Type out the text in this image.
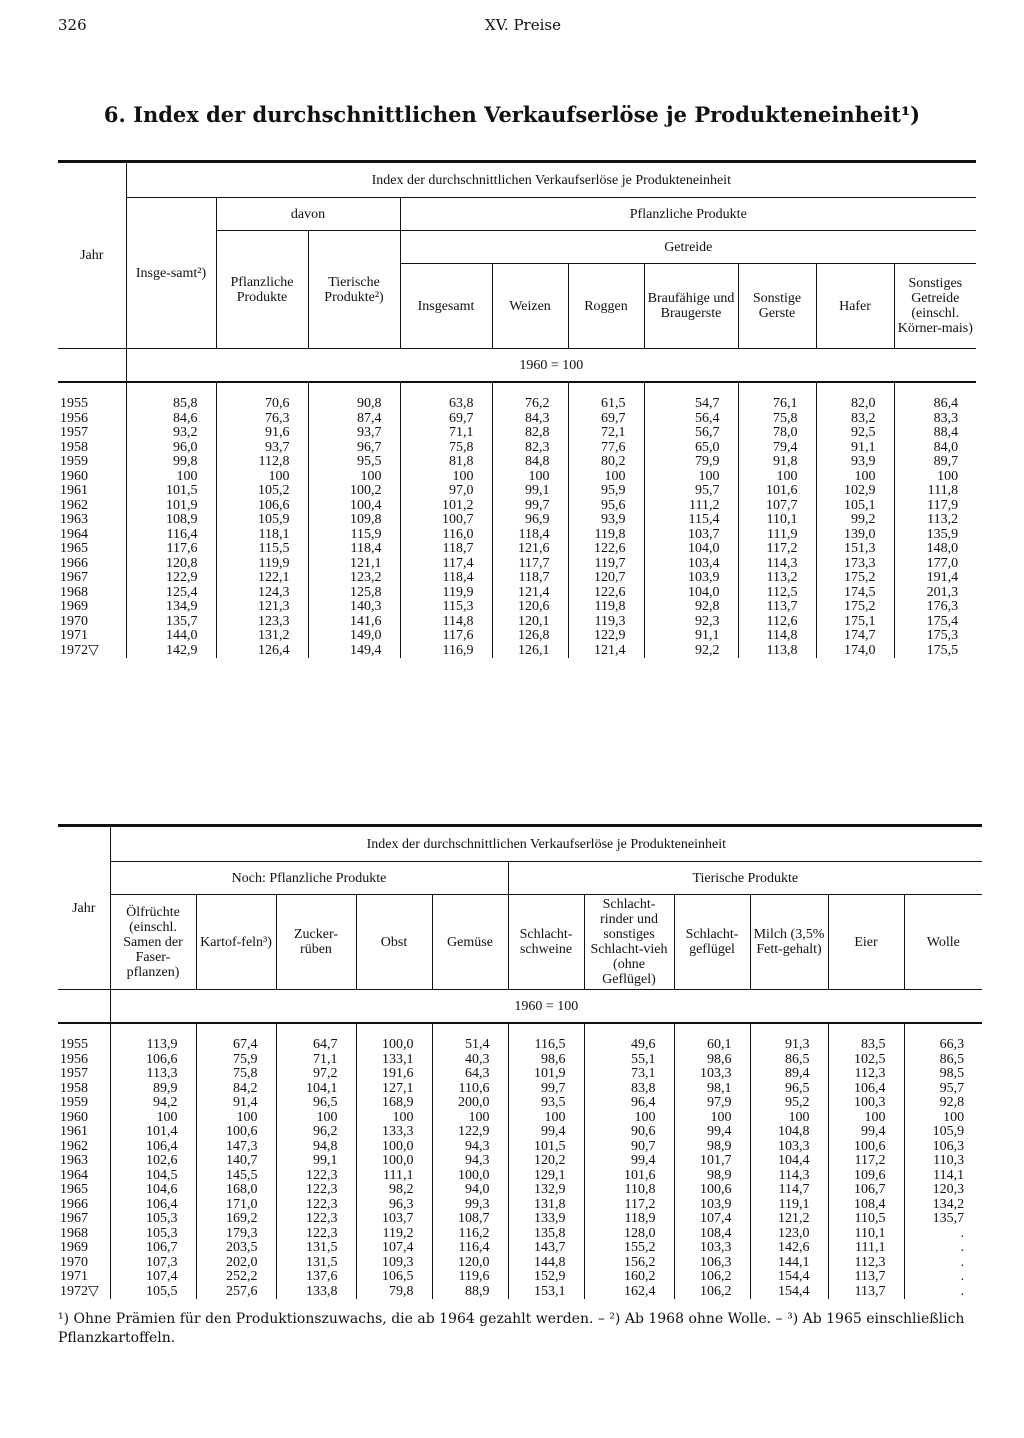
326	XV. Preise
6. Index der durchschnittlichen Verkaufserlöse je Produkteneinheit¹)
Jahr	Index der durchschnittlichen Verkaufserlöse je Produkteneinheit									
	Insge-samt²)	davon		Pflanzliche Produkte						
		Pflanzliche Produkte	Tierische Produkte²)	Getreide						
				Insgesamt	Weizen	Roggen	Braufähige und Braugerste	Sonstige Gerste	Hafer	Sonstiges Getreide (einschl. Körner-mais)
	1960 = 100									
1955	85,8	70,6	90,8	63,8	76,2	61,5	54,7	76,1	82,0	86,4
1956	84,6	76,3	87,4	69,7	84,3	69,7	56,4	75,8	83,2	83,3
1957	93,2	91,6	93,7	71,1	82,8	72,1	56,7	78,0	92,5	88,4
1958	96,0	93,7	96,7	75,8	82,3	77,6	65,0	79,4	91,1	84,0
1959	99,8	112,8	95,5	81,8	84,8	80,2	79,9	91,8	93,9	89,7
1960	100	100	100	100	100	100	100	100	100	100
1961	101,5	105,2	100,2	97,0	99,1	95,9	95,7	101,6	102,9	111,8
1962	101,9	106,6	100,4	101,2	99,7	95,6	111,2	107,7	105,1	117,9
1963	108,9	105,9	109,8	100,7	96,9	93,9	115,4	110,1	99,2	113,2
1964	116,4	118,1	115,9	116,0	118,4	119,8	103,7	111,9	139,0	135,9
1965	117,6	115,5	118,4	118,7	121,6	122,6	104,0	117,2	151,3	148,0
1966	120,8	119,9	121,1	117,4	117,7	119,7	103,4	114,3	173,3	177,0
1967	122,9	122,1	123,2	118,4	118,7	120,7	103,9	113,2	175,2	191,4
1968	125,4	124,3	125,8	119,9	121,4	122,6	104,0	112,5	174,5	201,3
1969	134,9	121,3	140,3	115,3	120,6	119,8	92,8	113,7	175,2	176,3
1970	135,7	123,3	141,6	114,8	120,1	119,3	92,3	112,6	175,1	175,4
1971	144,0	131,2	149,0	117,6	126,8	122,9	91,1	114,8	174,7	175,3
1972▽	142,9	126,4	149,4	116,9	126,1	121,4	92,2	113,8	174,0	175,5
Jahr	Index der durchschnittlichen Verkaufserlöse je Produkteneinheit										
	Noch: Pflanzliche Produkte					Tierische Produkte					
	Ölfrüchte (einschl. Samen der Faser-pflanzen)	Kartof-feln³)	Zucker-rüben	Obst	Gemüse	Schlacht-schweine	Schlacht-rinder und sonstiges Schlacht-vieh (ohne Geflügel)	Schlacht-geflügel	Milch (3,5% Fett-gehalt)	Eier	Wolle
	1960 = 100										
1955	113,9	67,4	64,7	100,0	51,4	116,5	49,6	60,1	91,3	83,5	66,3
1956	106,6	75,9	71,1	133,1	40,3	98,6	55,1	98,6	86,5	102,5	86,5
1957	113,3	75,8	97,2	191,6	64,3	101,9	73,1	103,3	89,4	112,3	98,5
1958	89,9	84,2	104,1	127,1	110,6	99,7	83,8	98,1	96,5	106,4	95,7
1959	94,2	91,4	96,5	168,9	200,0	93,5	96,4	97,9	95,2	100,3	92,8
1960	100	100	100	100	100	100	100	100	100	100	100
1961	101,4	100,6	96,2	133,3	122,9	99,4	90,6	99,4	104,8	99,4	105,9
1962	106,4	147,3	94,8	100,0	94,3	101,5	90,7	98,9	103,3	100,6	106,3
1963	102,6	140,7	99,1	100,0	94,3	120,2	99,4	101,7	104,4	117,2	110,3
1964	104,5	145,5	122,3	111,1	100,0	129,1	101,6	98,9	114,3	109,6	114,1
1965	104,6	168,0	122,3	98,2	94,0	132,9	110,8	100,6	114,7	106,7	120,3
1966	106,4	171,0	122,3	96,3	99,3	131,8	117,2	103,9	119,1	108,4	134,2
1967	105,3	169,2	122,3	103,7	108,7	133,9	118,9	107,4	121,2	110,5	135,7
1968	105,3	179,3	122,3	119,2	116,2	135,8	128,0	108,4	123,0	110,1	.
1969	106,7	203,5	131,5	107,4	116,4	143,7	155,2	103,3	142,6	111,1	.
1970	107,3	202,0	131,5	109,3	120,0	144,8	156,2	106,3	144,1	112,3	.
1971	107,4	252,2	137,6	106,5	119,6	152,9	160,2	106,2	154,4	113,7	.
1972▽	105,5	257,6	133,8	79,8	88,9	153,1	162,4	106,2	154,4	113,7	.
¹) Ohne Prämien für den Produktionszuwachs, die ab 1964 gezahlt werden. – ²) Ab 1968 ohne Wolle. – ³) Ab 1965 einschließlich
Pflanzkartoffeln.
